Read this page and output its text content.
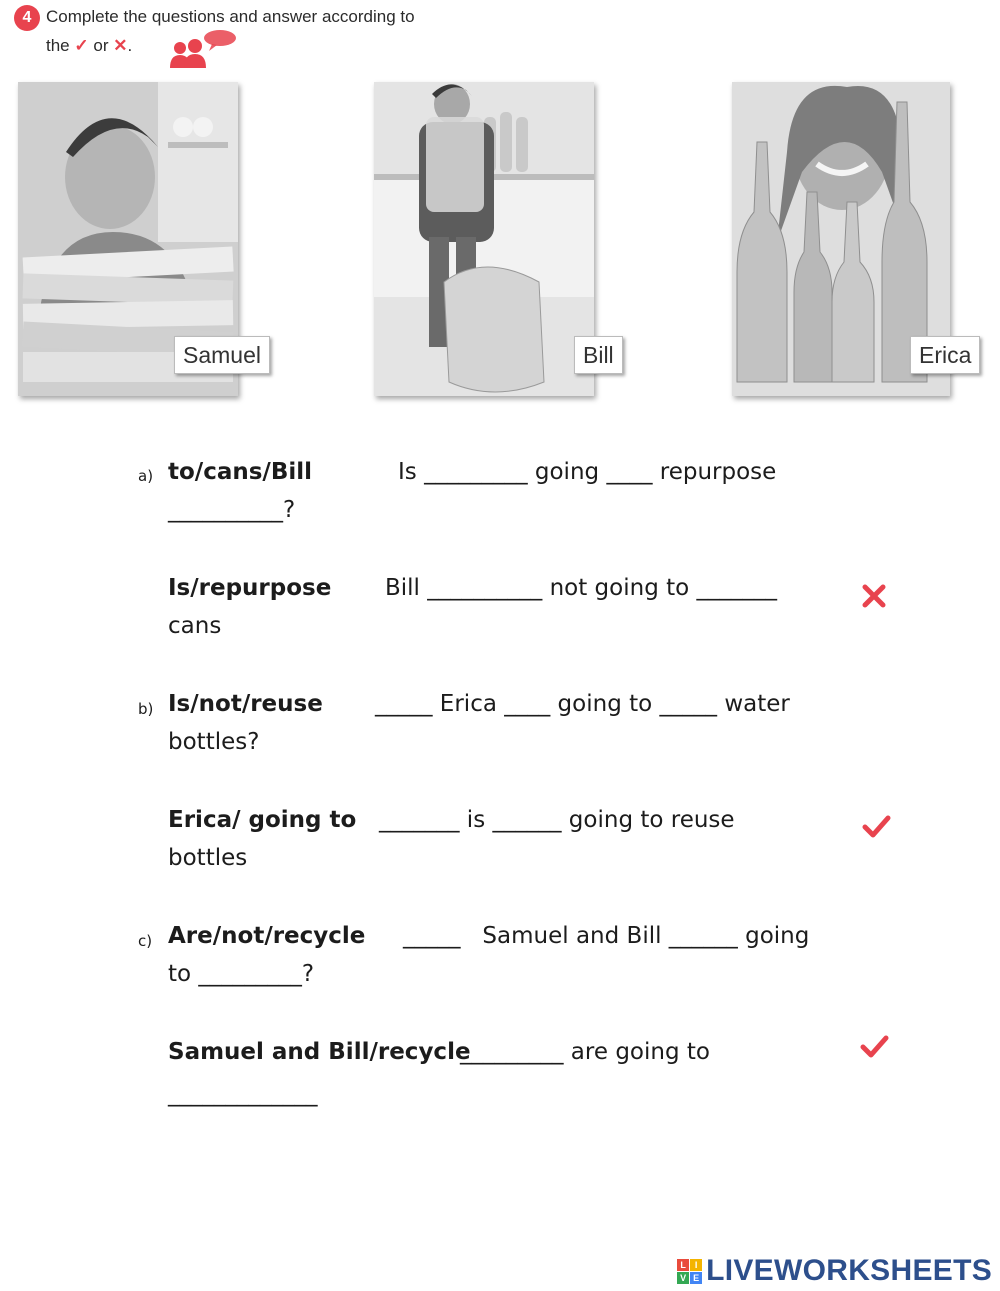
4 Complete the questions and answer according to
the ✓ or ✕.
Samuel	Bill	Erica
a) to/cans/Bill	Is _________ going ____ repurpose
__________?
Is/repurpose Bill __________ not going to _______
cans
b) Is/not/reuse _____ Erica ____ going to _____ water
bottles?
Erica/ going to _______ is ______ going to reuse
bottles
c) Are/not/recycle _____   Samuel and Bill ______ going
to _________?
Samuel and Bill/recycle
_________ are going to
_____________
L I
V E LIVEWORKSHEETS
